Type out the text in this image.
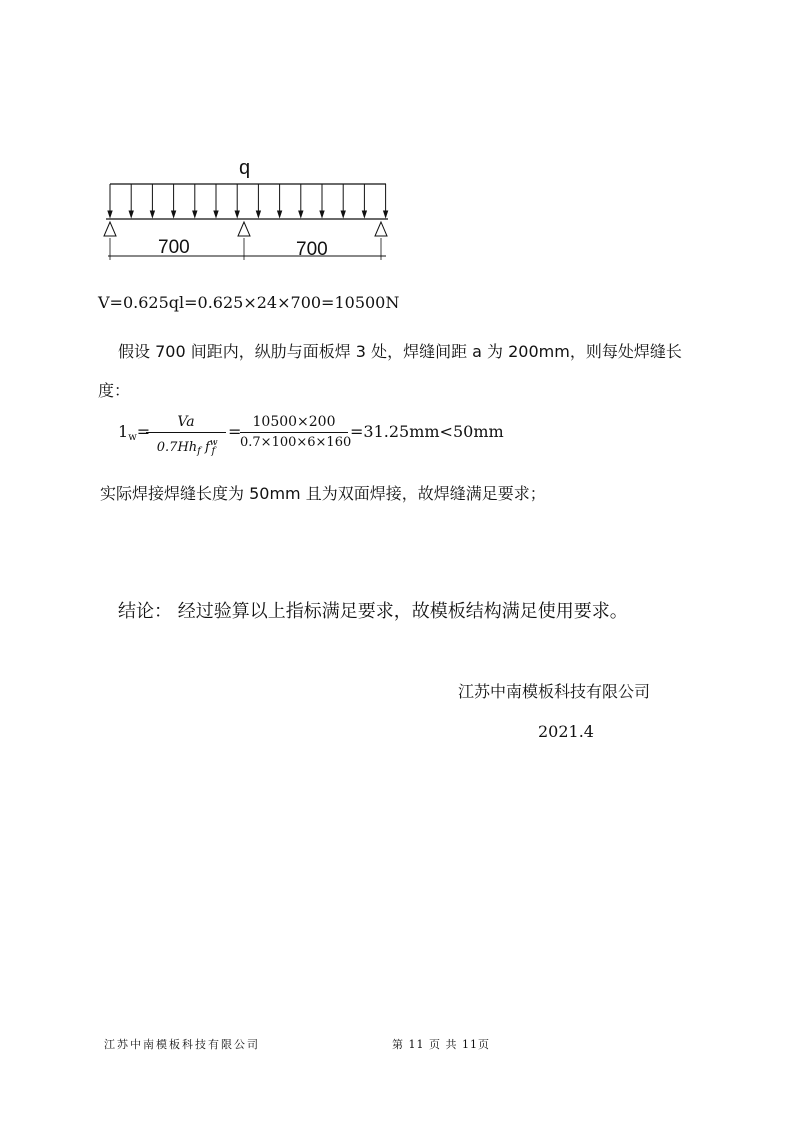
q
700	700
V=0.625ql=0.625×24×700=10500N
假设 700 间距内，纵肋与面板焊 3 处，焊缝间距 a 为 200mm，则每处焊缝长
度：
$1_w=$	Va
$0.7Hh_f$ $f^w_f$
= 10500×200
0.7×100×6×160
=31.25mm<50mm
实际焊接焊缝长度为 50mm 且为双面焊接，故焊缝满足要求；
结论： 经过验算以上指标满足要求，故模板结构满足使用要求。
江苏中南模板科技有限公司
2021.4
江苏中南模板科技有限公司	第 11 页 共 11页
